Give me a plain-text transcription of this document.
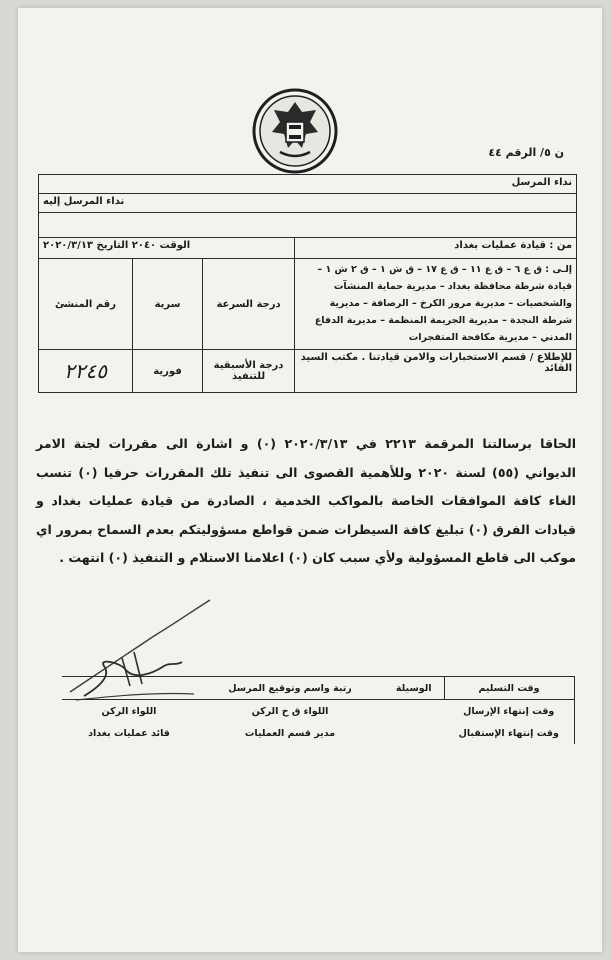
ن ٥/ الرقم ٤٤
نداء المرسل			
		نداء المرسل إليه	

من : قيادة عمليات بغداد	الوقت ٢٠٤٠ التاريخ ٢٠٢٠/٣/١٣		
إلـى : ق ع ٦ – ق ع ١١ – ق ع ١٧ – ق ش ١ – ق ٢ ش ١ – قيادة شرطة محافظة بغداد – مديرية حماية المنشآت والشخصيات – مديرية مرور الكرخ – الرصافة – مديرية شرطة النجدة – مديرية الجريمة المنظمة – مديرية الدفاع المدني – مديرية مكافحة المتفجرات	درجة السرعة	سرية	رقم المنشئ
للإطلاع / قسم الاستخبارات والامن قيادتنا . مكتب السيد القائد	درجة الأسبقية للتنفيذ	فورية	٢٢٤٥
الحاقا برسالتنا المرقمة ٢٢١٣ في ٢٠٢٠/٣/١٣ (٠) و اشارة الى مقررات لجنة الامر الديواني (٥٥) لسنة ٢٠٢٠ وللأهمية القصوى الى تنفيذ تلك المقررات حرفيا (٠) تنسب الغاء كافة الموافقات الخاصة بالمواكب الخدمية ، الصادرة من قيادة عمليات بغداد و قيادات الفرق (٠) تبليغ كافة السيطرات ضمن قواطع مسؤوليتكم بعدم السماح بمرور اي موكب الى قاطع المسؤولية ولأي سبب كان (٠) اعلامنا الاستلام و التنفيذ (٠) انتهت .
وقت التسليم	الوسيلة	رتبة واسم وتوقيع المرسل	
وقت إنتهاء الإرسال		اللواء ق خ الركن	اللواء الركن
وقت إنتهاء الإستقبال		مدير قسم العمليات	قائد عمليات بغداد
